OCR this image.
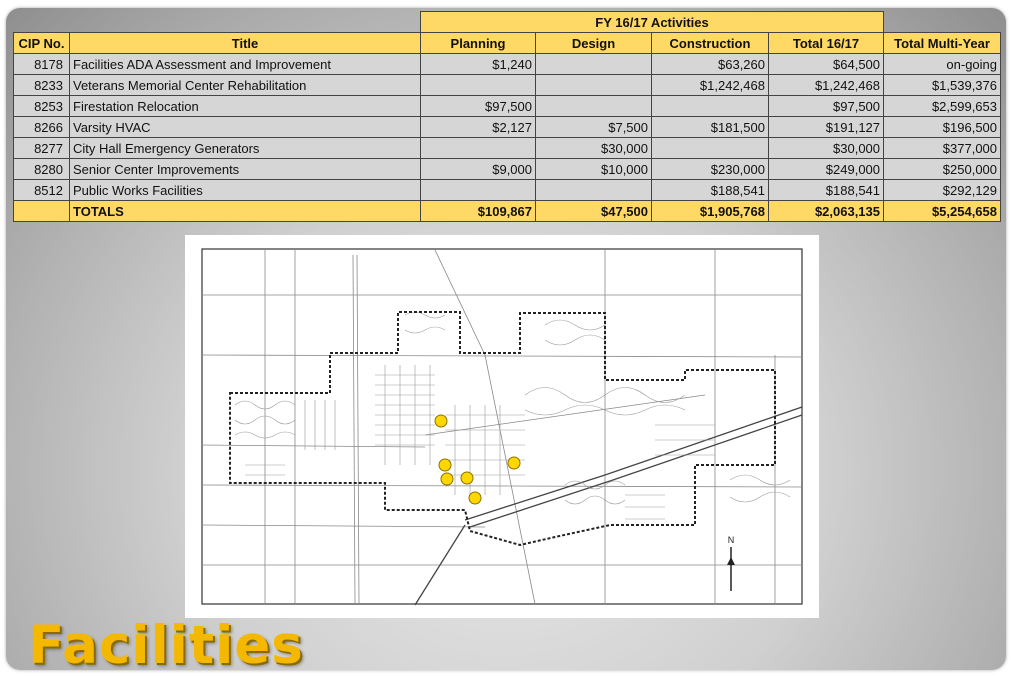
		FY 16/17 Activities				
CIP No.	Title	Planning	Design	Construction	Total 16/17	Total Multi-Year
8178	Facilities ADA Assessment and Improvement	$1,240		$63,260	$64,500	on-going
8233	Veterans Memorial Center Rehabilitation			$1,242,468	$1,242,468	$1,539,376
8253	Firestation Relocation	$97,500			$97,500	$2,599,653
8266	Varsity HVAC	$2,127	$7,500	$181,500	$191,127	$196,500
8277	City Hall Emergency Generators		$30,000		$30,000	$377,000
8280	Senior Center Improvements	$9,000	$10,000	$230,000	$249,000	$250,000
8512	Public Works Facilities			$188,541	$188,541	$292,129
	TOTALS	$109,867	$47,500	$1,905,768	$2,063,135	$5,254,658
N
Facilities
